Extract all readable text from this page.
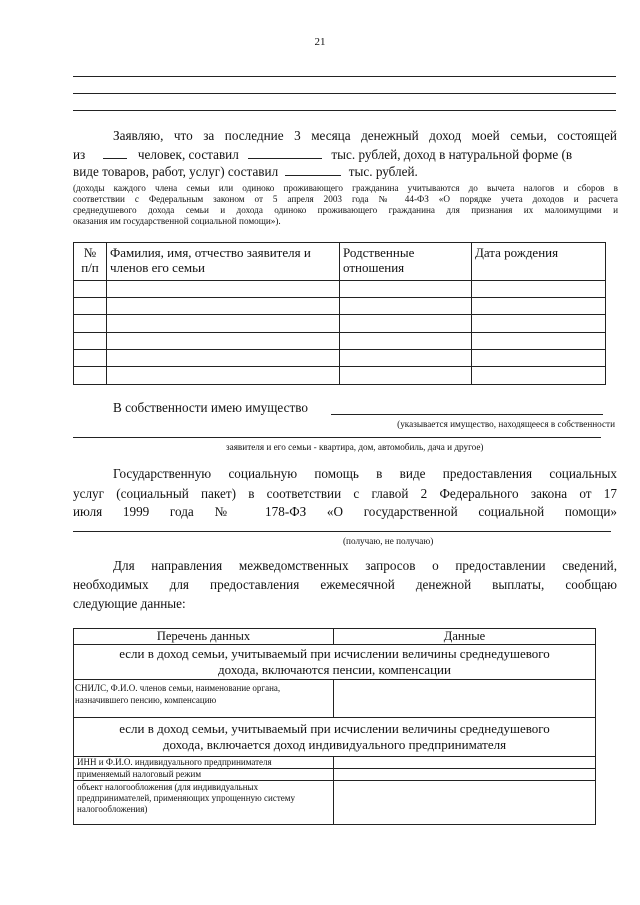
21
Заявляю, что за последние 3 месяца денежный доход моей семьи, состоящей
из	человек, составил	тыс. рублей, доход в натуральной форме (в
виде товаров, работ, услуг) составил	тыс. рублей.
(доходы каждого члена семьи или одиноко проживающего гражданина учитываются до вычета налогов и сборов в
соответствии с Федеральным законом от 5 апреля 2003 года № 44-ФЗ «О порядке учета доходов и расчета
среднедушевого дохода семьи и дохода одиноко проживающего гражданина для признания их малоимущими и
оказания им государственной социальной помощи»).
№ п/п	Фамилия, имя, отчество заявителя и членов его семьи	Родственные отношения	Дата рождения

В собственности имею имущество
(указывается имущество, находящееся в собственности
заявителя и его семьи - квартира, дом, автомобиль, дача и другое)
Государственную социальную помощь в виде предоставления социальных
услуг (социальный пакет) в соответствии с главой 2 Федерального закона от 17
июля 1999 года № 178-ФЗ «О государственной социальной помощи»
(получаю, не получаю)
Для направления межведомственных запросов о предоставлении сведений,
необходимых для предоставления ежемесячной денежной выплаты, сообщаю
следующие данные:
Перечень данных	Данные
если в доход семьи, учитываемый при исчислении величины среднедушевого дохода, включаются пенсии, компенсации	
СНИЛС, Ф.И.О. членов семьи, наименование органа, назначившего пенсию, компенсацию	
если в доход семьи, учитываемый при исчислении величины среднедушевого дохода, включается доход индивидуального предпринимателя	
ИНН и Ф.И.О. индивидуального предпринимателя	
применяемый налоговый режим	
объект налогообложения (для индивидуальных предпринимателей, применяющих упрощенную систему налогообложения)	
